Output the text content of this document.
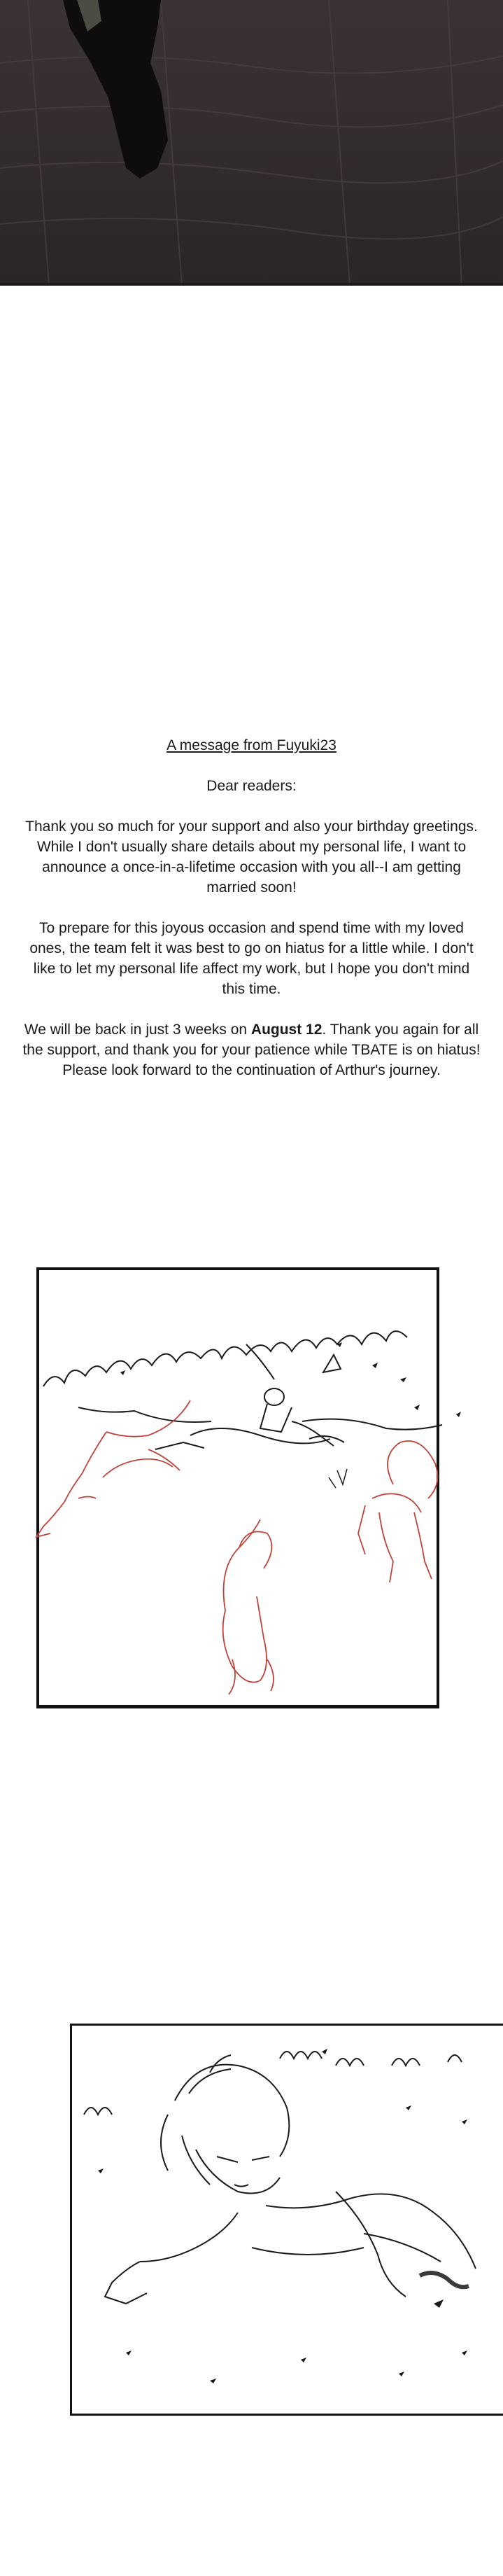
A message from Fuyuki23

Dear readers:

Thank you so much for your support and also your birthday greetings. While I don't usually share details about my personal life, I want to announce a once-in-a-lifetime occasion with you all--I am getting married soon!

To prepare for this joyous occasion and spend time with my loved ones, the team felt it was best to go on hiatus for a little while. I don't like to let my personal life affect my work, but I hope you don't mind this time.

We will be back in just 3 weeks on August 12. Thank you again for all the support, and thank you for your patience while TBATE is on hiatus! Please look forward to the continuation of Arthur's journey.
